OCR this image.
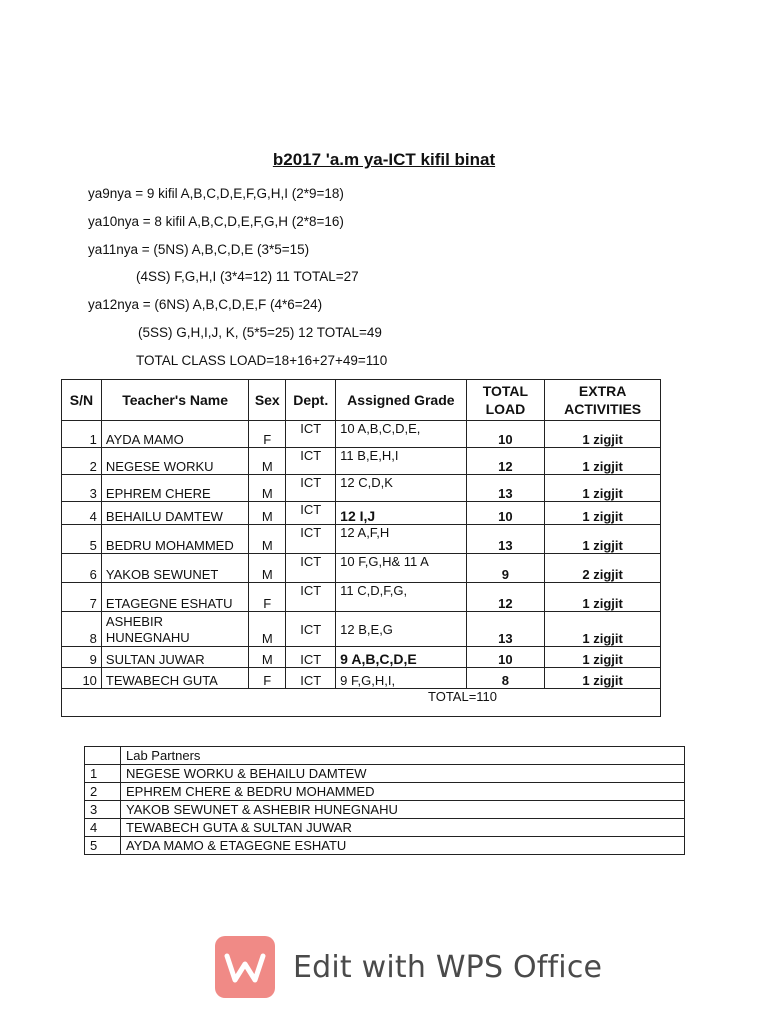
b2017 'a.m ya-ICT kifil binat
ya9nya = 9 kifil A,B,C,D,E,F,G,H,I (2*9=18)
ya10nya = 8 kifil A,B,C,D,E,F,G,H (2*8=16)
ya11nya = (5NS) A,B,C,D,E (3*5=15)
(4SS) F,G,H,I (3*4=12) 11 TOTAL=27
ya12nya = (6NS) A,B,C,D,E,F (4*6=24)
(5SS) G,H,I,J, K, (5*5=25) 12 TOTAL=49
TOTAL CLASS LOAD=18+16+27+49=110
S/N	Teacher's Name	Sex	Dept.	Assigned Grade	TOTAL LOAD	EXTRA ACTIVITIES
1	AYDA MAMO	F	ICT	10 A,B,C,D,E,	10	1 zigjit
2	NEGESE WORKU	M	ICT	11 B,E,H,I	12	1 zigjit
3	EPHREM CHERE	M	ICT	12 C,D,K	13	1 zigjit
4	BEHAILU DAMTEW	M	ICT	12 I,J	10	1 zigjit
5	BEDRU MOHAMMED	M	ICT	12 A,F,H	13	1 zigjit
6	YAKOB SEWUNET	M	ICT	10 F,G,H& 11 A	9	2 zigjit
7	ETAGEGNE ESHATU	F	ICT	11 C,D,F,G,	12	1 zigjit
8	ASHEBIR HUNEGNAHU	M	ICT	12 B,E,G	13	1 zigjit
9	SULTAN JUWAR	M	ICT	9 A,B,C,D,E	10	1 zigjit
10	TEWABECH GUTA	F	ICT	9 F,G,H,I,	8	1 zigjit
TOTAL=110						
	Lab Partners
1	NEGESE WORKU & BEHAILU DAMTEW
2	EPHREM CHERE & BEDRU MOHAMMED
3	YAKOB SEWUNET & ASHEBIR HUNEGNAHU
4	TEWABECH GUTA & SULTAN JUWAR
5	AYDA MAMO & ETAGEGNE ESHATU
Edit with WPS Office
